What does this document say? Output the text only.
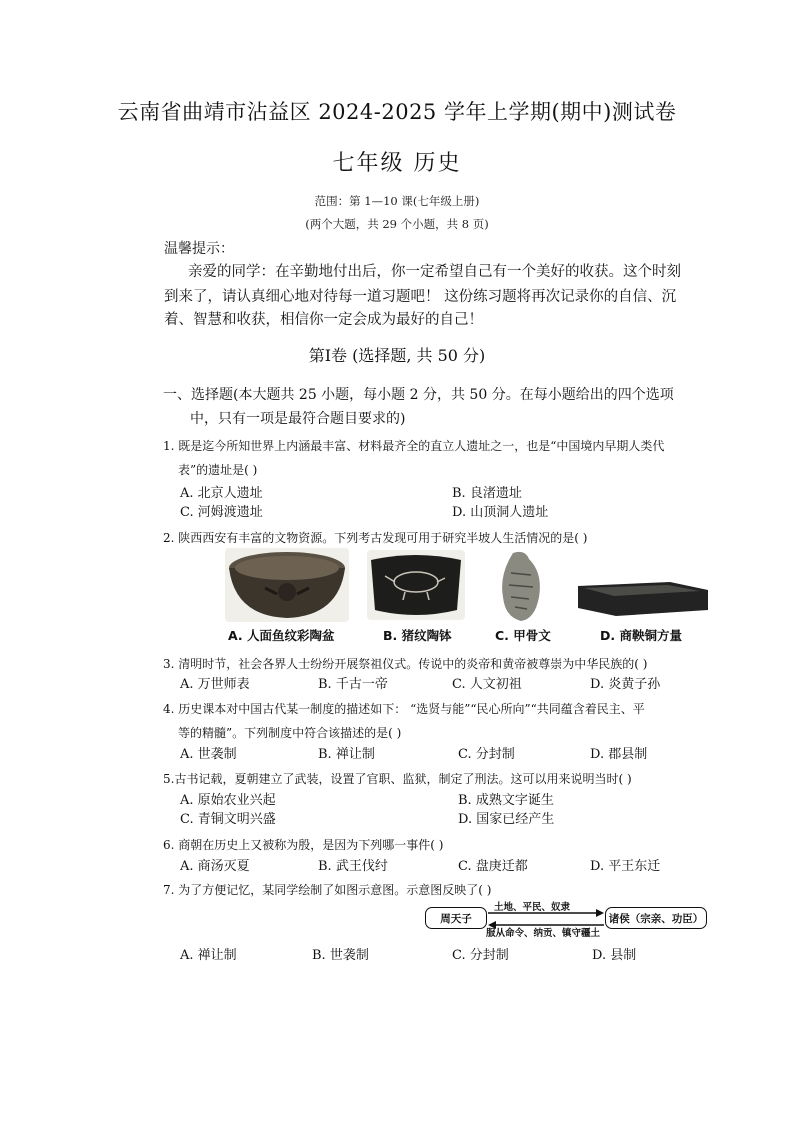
云南省曲靖市沾益区 2024-2025 学年上学期(期中)测试卷
七年级 历史
范围：第 1—10 课(七年级上册)
(两个大题，共 29 个小题，共 8 页)
温馨提示：
亲爱的同学：在辛勤地付出后，你一定希望自己有一个美好的收获。这个时刻
到来了，请认真细心地对待每一道习题吧！ 这份练习题将再次记录你的自信、沉
着、智慧和收获，相信你一定会成为最好的自己！
第Ⅰ卷 (选择题, 共 50 分)
一、选择题(本大题共 25 小题，每小题 2 分，共 50 分。在每小题给出的四个选项
中，只有一项是最符合题目要求的)
1. 既是迄今所知世界上内涵最丰富、材料最齐全的直立人遗址之一，也是“中国境内早期人类代
表”的遗址是( )
A. 北京人遗址	B. 良渚遗址
C. 河姆渡遗址	D. 山顶洞人遗址
2. 陕西西安有丰富的文物资源。下列考古发现可用于研究半坡人生活情况的是( )
A. 人面鱼纹彩陶盆	B. 猪纹陶钵	C. 甲骨文	D. 商鞅铜方量
3. 清明时节，社会各界人士纷纷开展祭祖仪式。传说中的炎帝和黄帝被尊崇为中华民族的( )
A. 万世师表	B. 千古一帝	C. 人文初祖	D. 炎黄子孙
4. 历史课本对中国古代某一制度的描述如下： “选贤与能”“民心所向”“共同蕴含着民主、平
等的精髓”。下列制度中符合该描述的是( )
A. 世袭制	B. 禅让制	C. 分封制	D. 郡县制
5.古书记载，夏朝建立了武装，设置了官职、监狱，制定了刑法。这可以用来说明当时( )
A. 原始农业兴起	B. 成熟文字诞生
C. 青铜文明兴盛	D. 国家已经产生
6. 商朝在历史上又被称为殷，是因为下列哪一事件( )
A. 商汤灭夏	B. 武王伐纣	C. 盘庚迁都	D. 平王东迁
7. 为了方便记忆，某同学绘制了如图示意图。示意图反映了( )
周天子	诸侯（宗亲、功臣）
土地、平民、奴隶
服从命令、纳贡、镇守疆土
A. 禅让制	B. 世袭制	C. 分封制	D. 县制
